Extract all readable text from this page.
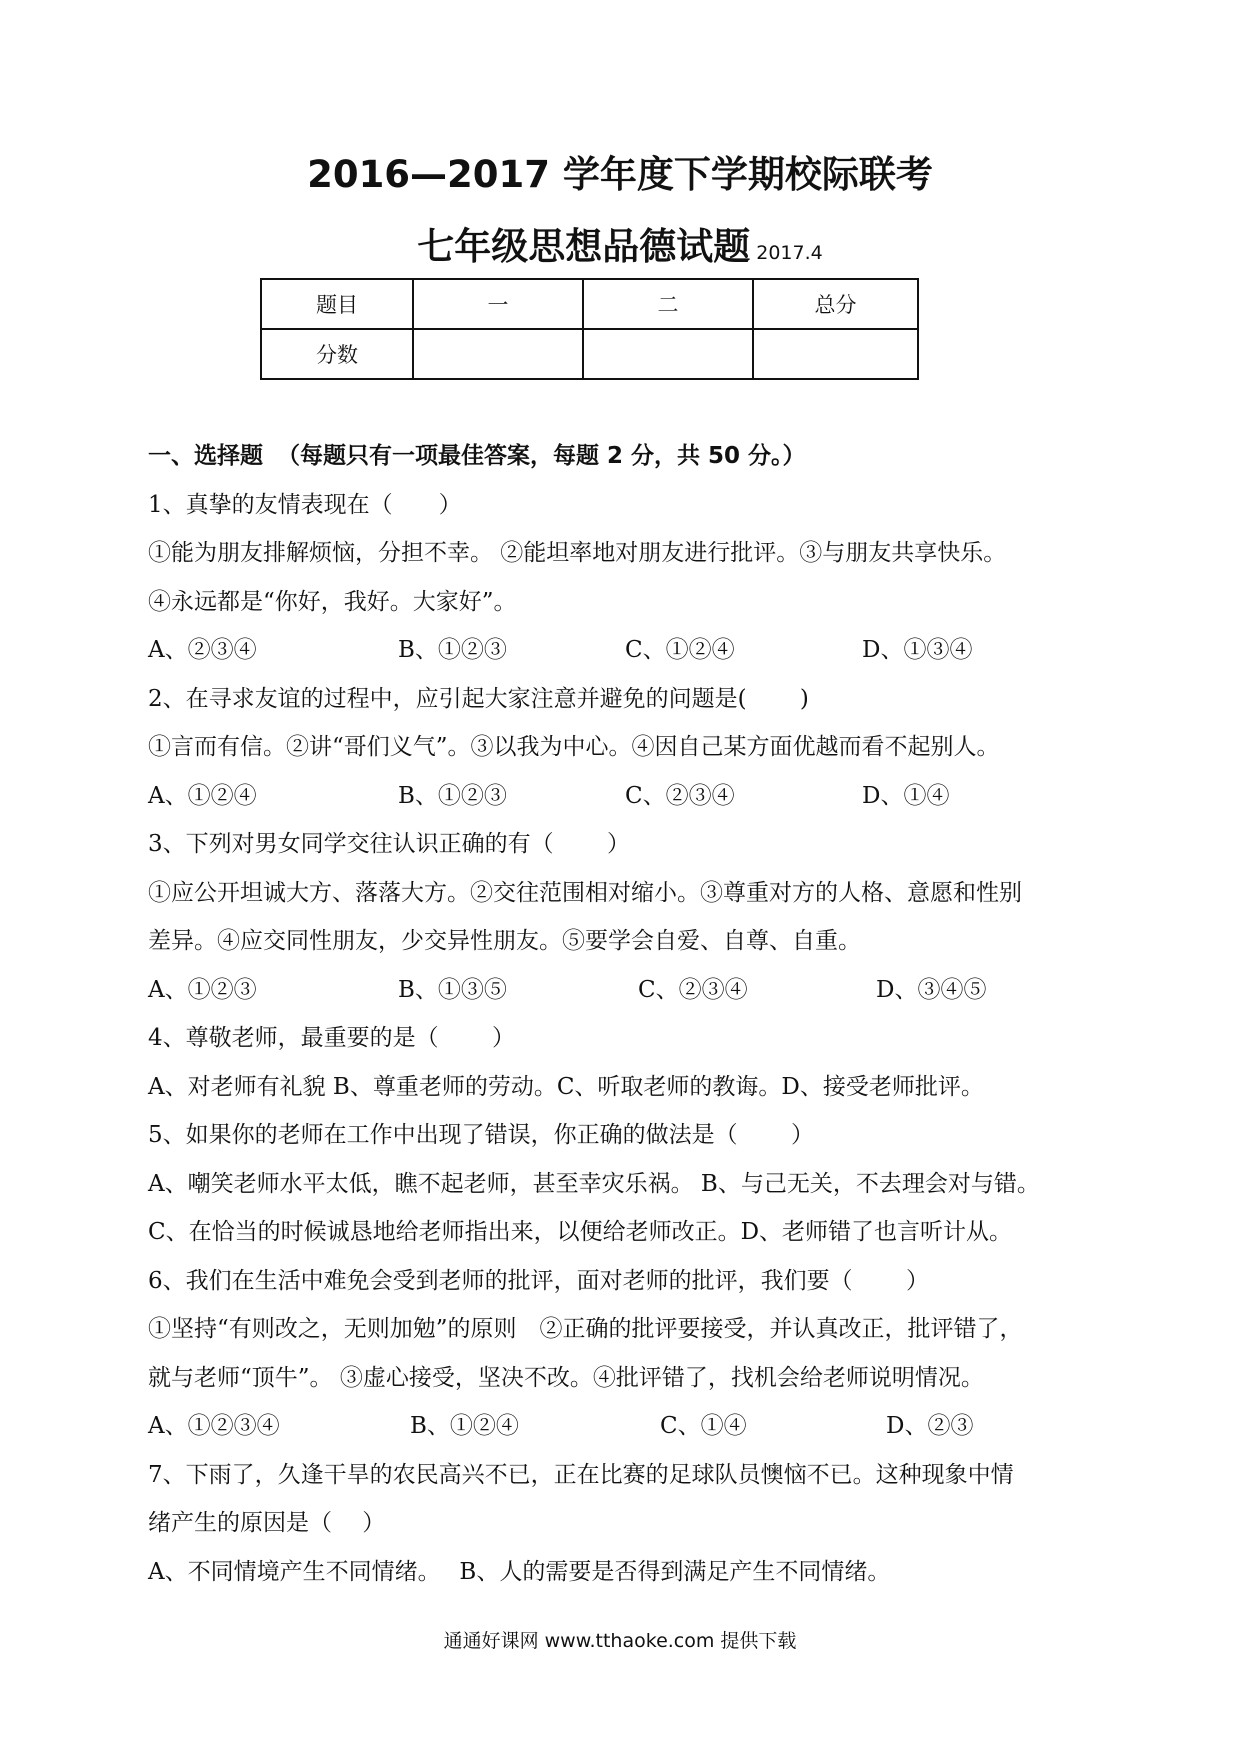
2016—2017 学年度下学期校际联考
七年级思想品德试题 2017.4
题目	一	二	总分
分数			
一、选择题 （每题只有一项最佳答案，每题 2 分，共 50 分。）
1、真挚的友情表现在（　　）
①能为朋友排解烦恼，分担不幸。 ②能坦率地对朋友进行批评。③与朋友共享快乐。
④永远都是“你好，我好。大家好”。
A、②③④	B、①②③	C、①②④	D、①③④
2、在寻求友谊的过程中，应引起大家注意并避免的问题是(　　 )
①言而有信。②讲“哥们义气”。③以我为中心。④因自己某方面优越而看不起别人。
A、①②④	B、①②③	C、②③④	D、①④
3、下列对男女同学交往认识正确的有（　　 ）
①应公开坦诚大方、落落大方。②交往范围相对缩小。③尊重对方的人格、意愿和性别
差异。④应交同性朋友，少交异性朋友。⑤要学会自爱、自尊、自重。
A、①②③	B、①③⑤	C、②③④	D、③④⑤
4、尊敬老师，最重要的是（　　 ）
A、对老师有礼貌 B、尊重老师的劳动。C、听取老师的教诲。D、接受老师批评。
5、如果你的老师在工作中出现了错误，你正确的做法是（　　 ）
A、嘲笑老师水平太低，瞧不起老师，甚至幸灾乐祸。 B、与己无关，不去理会对与错。
C、在恰当的时候诚恳地给老师指出来，以便给老师改正。D、老师错了也言听计从。
6、我们在生活中难免会受到老师的批评，面对老师的批评，我们要（　　 ）
①坚持“有则改之，无则加勉”的原则　②正确的批评要接受，并认真改正，批评错了，
就与老师“顶牛”。 ③虚心接受，坚决不改。④批评错了，找机会给老师说明情况。
A、①②③④	B、①②④	C、①④	D、②③
7、下雨了，久逢干旱的农民高兴不已，正在比赛的足球队员懊恼不已。这种现象中情
绪产生的原因是（　 ）
A、不同情境产生不同情绪。　 B、人的需要是否得到满足产生不同情绪。
通通好课网 www.tthaoke.com 提供下载
